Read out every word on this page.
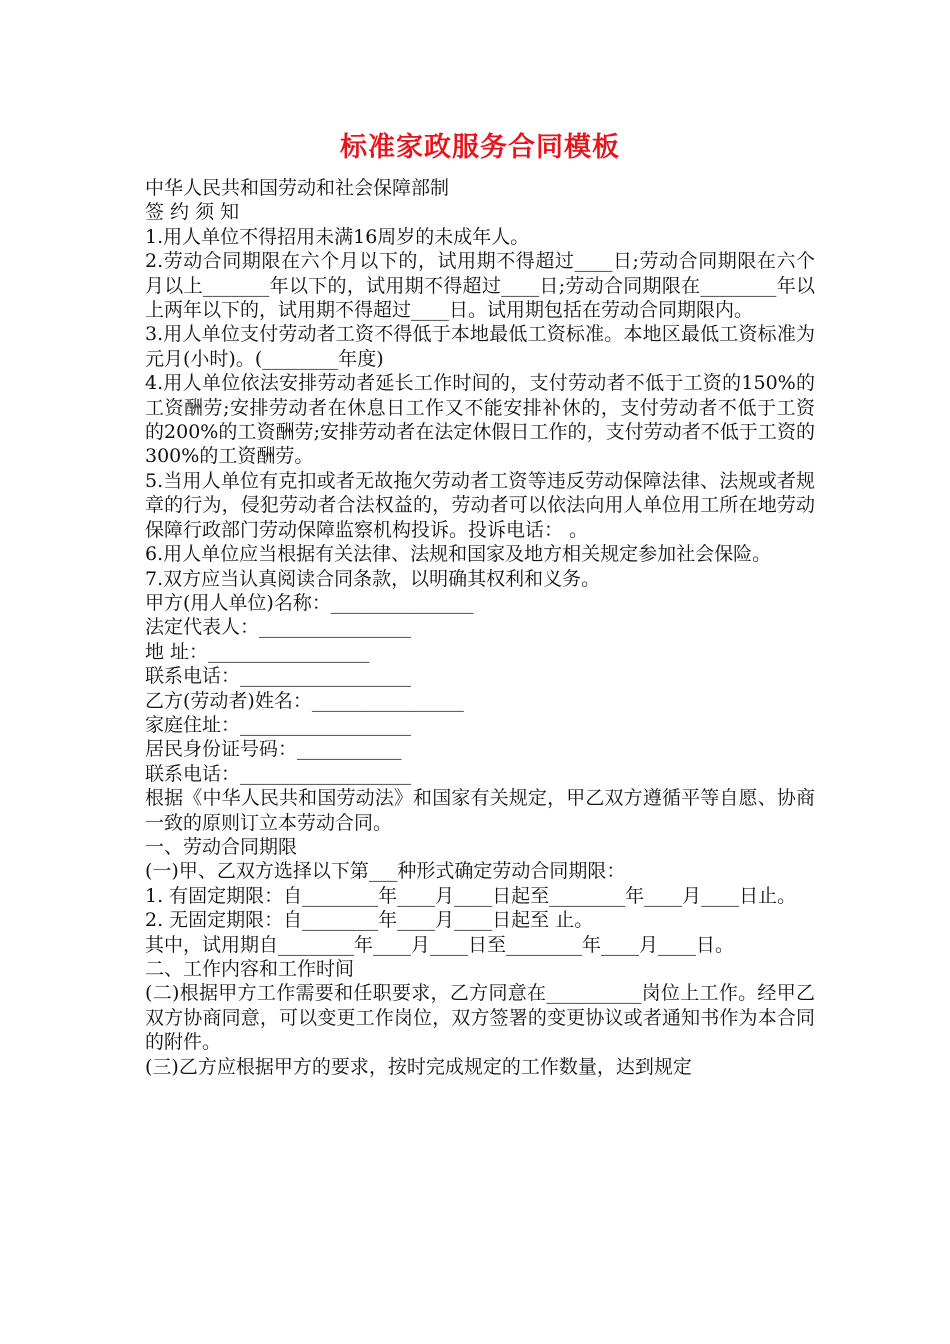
标准家政服务合同模板

中华人民共和国劳动和社会保障部制

签 约 须 知

1.用人单位不得招用未满16周岁的未成年人。

2.劳动合同期限在六个月以下的，试用期不得超过____日;劳动合同期限在六个月以上_______年以下的，试用期不得超过____日;劳动合同期限在________年以上两年以下的，试用期不得超过____日。试用期包括在劳动合同期限内。

3.用人单位支付劳动者工资不得低于本地最低工资标准。本地区最低工资标准为 元月(小时)。(________年度)

4.用人单位依法安排劳动者延长工作时间的，支付劳动者不低于工资的150%的工资酬劳;安排劳动者在休息日工作又不能安排补休的，支付劳动者不低于工资的200%的工资酬劳;安排劳动者在法定休假日工作的，支付劳动者不低于工资的300%的工资酬劳。

5.当用人单位有克扣或者无故拖欠劳动者工资等违反劳动保障法律、法规或者规章的行为，侵犯劳动者合法权益的，劳动者可以依法向用人单位用工所在地劳动保障行政部门劳动保障监察机构投诉。投诉电话： 。

6.用人单位应当根据有关法律、法规和国家及地方相关规定参加社会保险。

7.双方应当认真阅读合同条款，以明确其权利和义务。

甲方(用人单位)名称：_______________

法定代表人：________________

地 址：_________________

联系电话：__________________

乙方(劳动者)姓名：________________

家庭住址：__________________

居民身份证号码：___________

联系电话：__________________

根据《中华人民共和国劳动法》和国家有关规定，甲乙双方遵循平等自愿、协商一致的原则订立本劳动合同。

一、劳动合同期限

(一)甲、乙双方选择以下第___种形式确定劳动合同期限：

1. 有固定期限：自________年____月____日起至________年____月____日止。

2. 无固定期限：自________年____月____日起至 止。

其中，试用期自________年____月____日至________年____月____日。

二、工作内容和工作时间

(二)根据甲方工作需要和任职要求，乙方同意在__________岗位上工作。经甲乙双方协商同意，可以变更工作岗位，双方签署的变更协议或者通知书作为本合同的附件。

(三)乙方应根据甲方的要求，按时完成规定的工作数量，达到规定
